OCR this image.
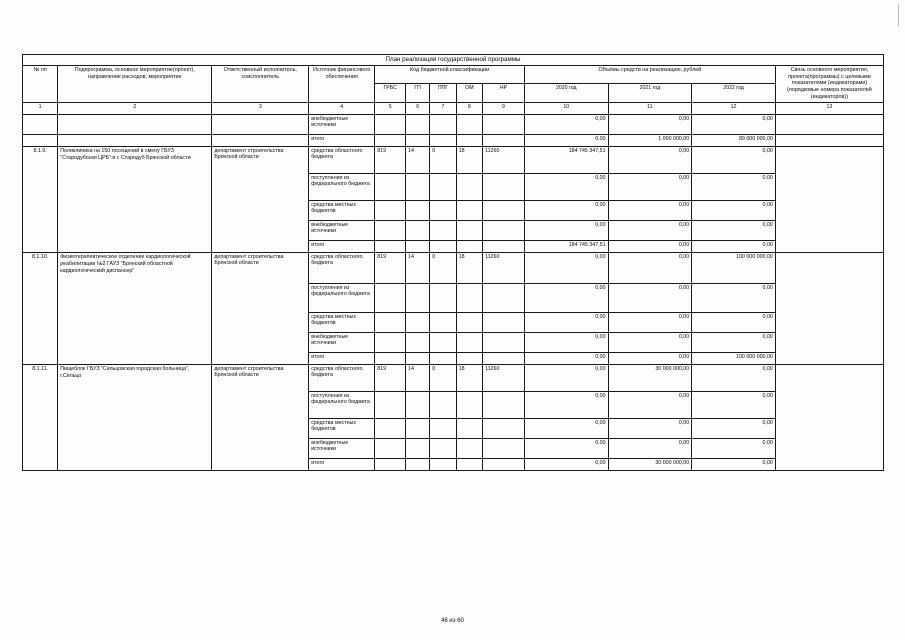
План реализации государственной программы												
№ пп	Подпрограмма, основное мероприятие(проект), направление расходов, мероприятие	Ответственный исполнитель, соисполнитель	Источник финансового обеспечения	Код бюджетной классификации					Объёмы средств на реализацию, рублей			Связь основного мероприятия, проекта(программы) с целевыми показателями (индикаторами) (порядковые номера показателей (индикаторов))
				ГРБС	ГП	ППГ	ОМ	НР	2020 год	2021 год	2022 год	
1	2	3	4	5	6	7	8	9	10	11	12	13
			внебюджетные источники						0,00	0,00	0,00	
			итого						0,00	1 000 000,00	89 000 000,00	
8.1.9.	Поликлиника на 150 посещений в смену ГБУЗ "Стародубская ЦРБ" в г. Стародуб Брянской области	департамент строительства Брянской области	средства областного бюджета	819	14	0	18	11260	184 745 347,51	0,00	0,00	
			поступления из федерального бюджета						0,00	0,00	0,00	
			средства местных бюджетов						0,00	0,00	0,00	
			внебюджетные источники						0,00	0,00	0,00	
			итого						184 745 347,51	0,00	0,00	
8.1.10.	Физиотерапевтическое отделение кардиологической реабилитации №2 ГАУЗ "Брянский областной кардиологический диспансер"	департамент строительства Брянской области	средства областного бюджета	819	14	0	18	11260	0,00	0,00	100 000 000,00	
			поступления из федерального бюджета						0,00	0,00	0,00	
			средства местных бюджетов						0,00	0,00	0,00	
			внебюджетные источники						0,00	0,00	0,00	
			итого						0,00	0,00	100 000 000,00	
8.1.11.	Пищеблок ГБУЗ "Сельцовская городская больница", г.Сельцо	департамент строительства Брянской области	средства областного бюджета	819	14	0	18	11260	0,00	30 000 000,00	0,00	
			поступления из федерального бюджета						0,00	0,00	0,00	
			средства местных бюджетов						0,00	0,00	0,00	
			внебюджетные источники						0,00	0,00	0,00	
			итого						0,00	30 000 000,00	0,00	
48 из 60
